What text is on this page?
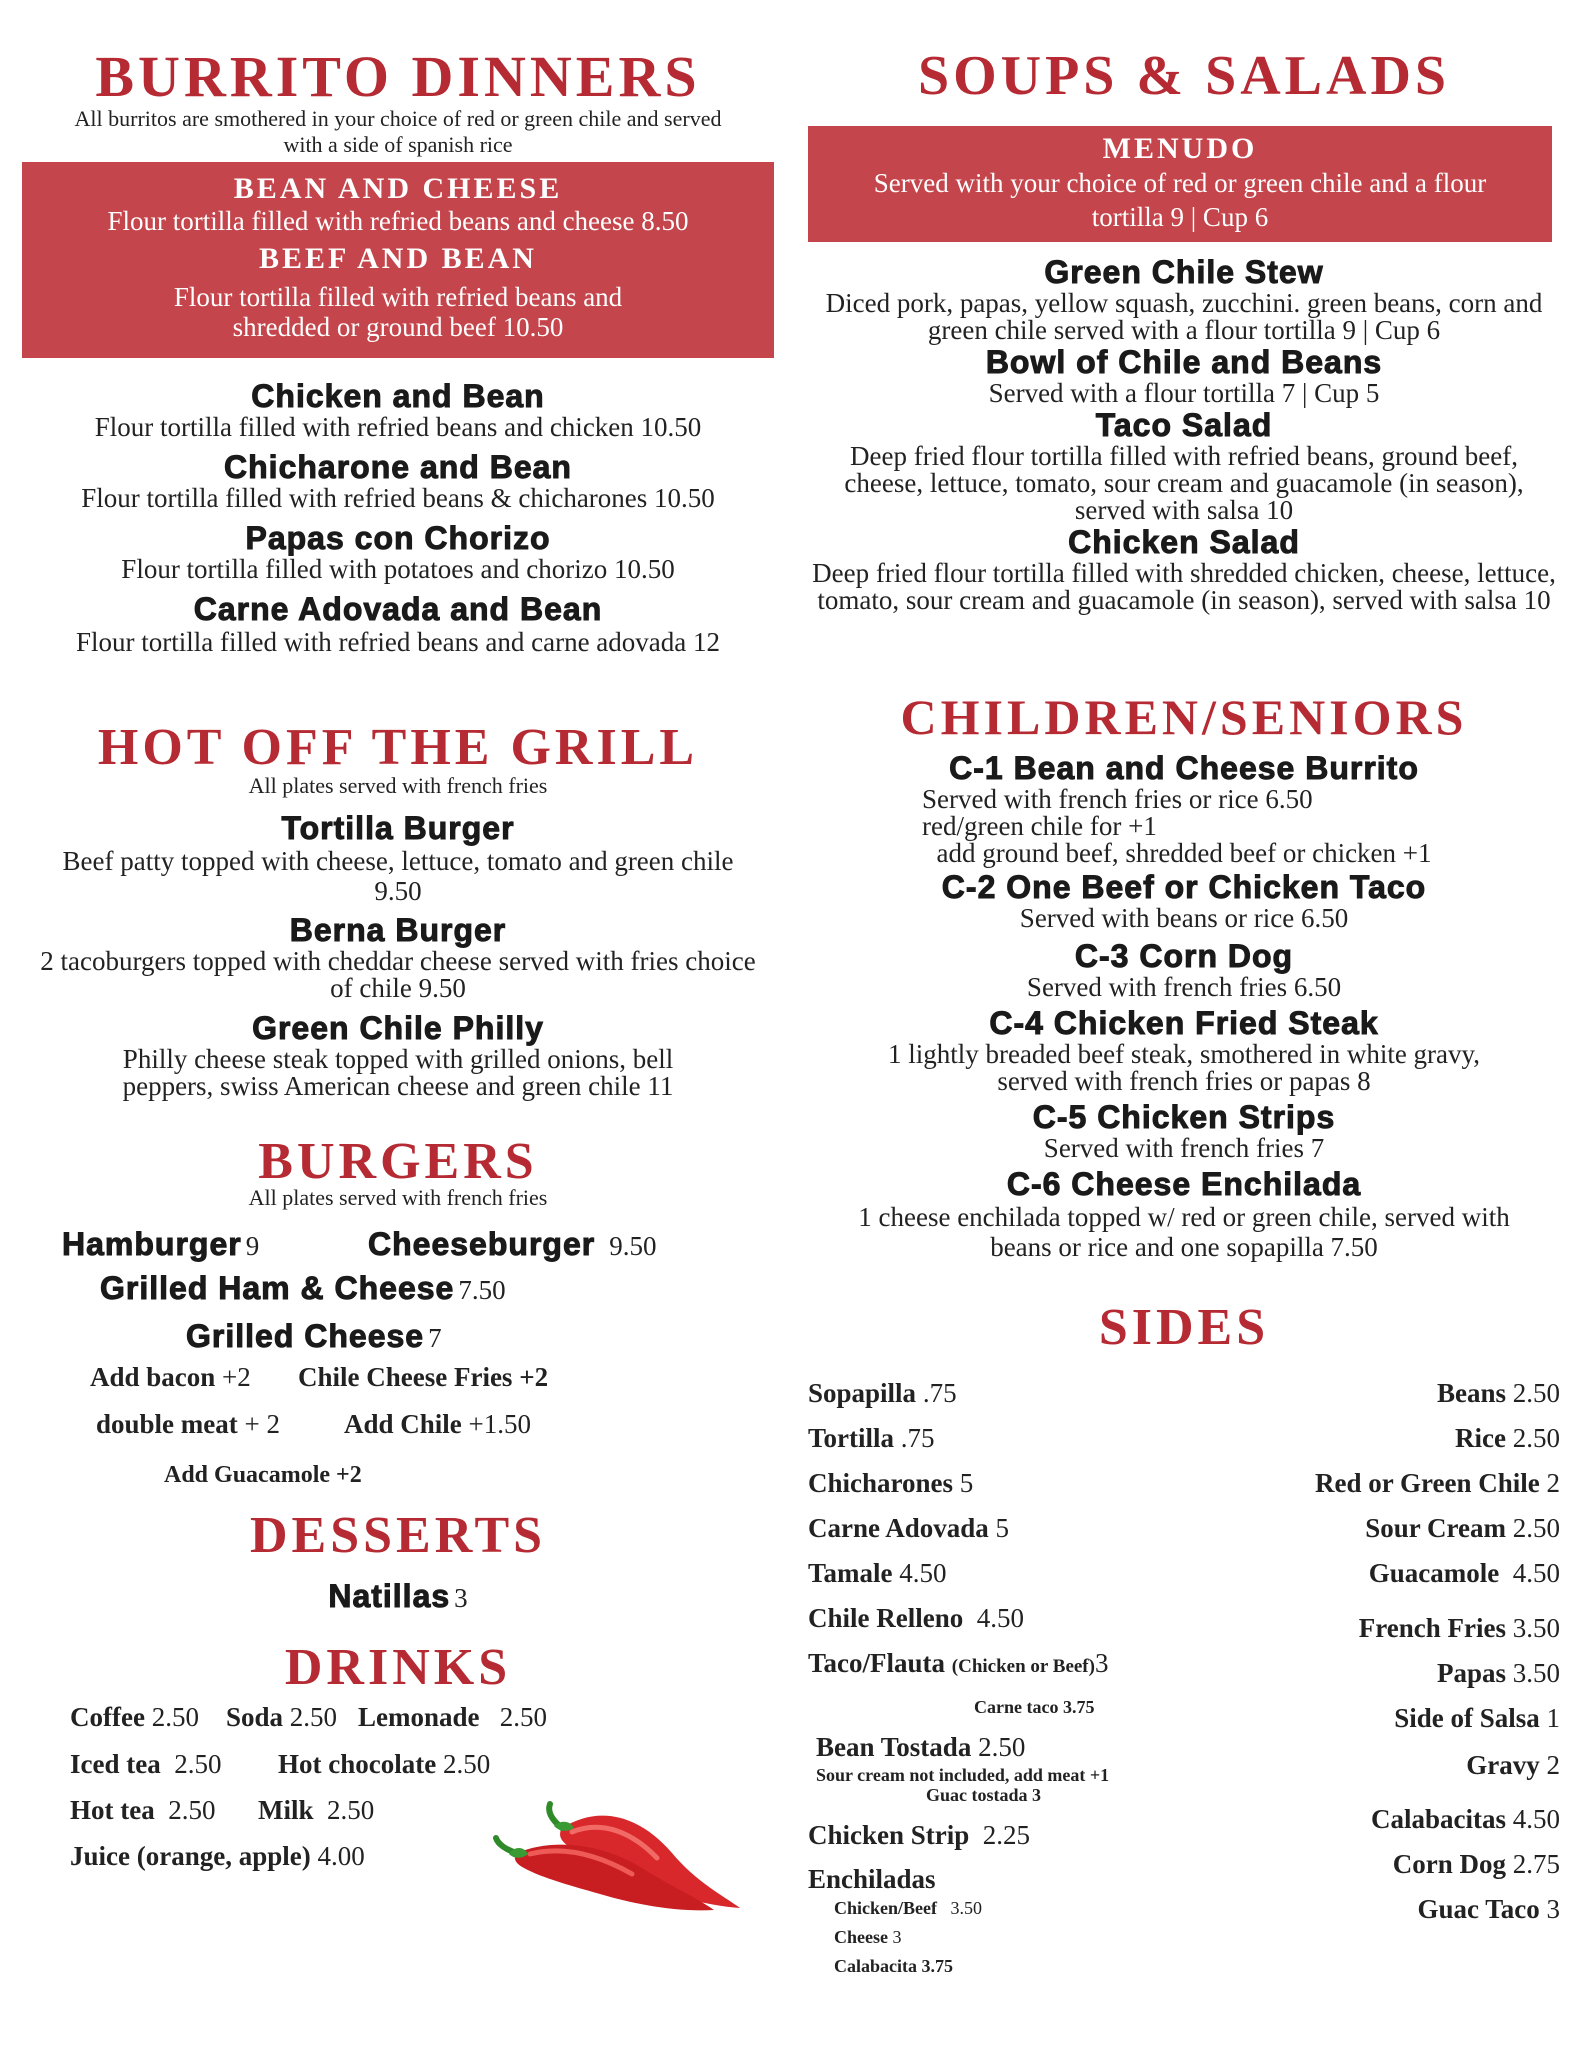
BURRITO DINNERS
All burritos are smothered in your choice of red or green chile and served with a side of spanish rice
BEAN AND CHEESE
Flour tortilla filled with refried beans and cheese 8.50
BEEF AND BEAN
Flour tortilla filled with refried beans and shredded or ground beef 10.50
Chicken and Bean
Flour tortilla filled with refried beans and chicken 10.50
Chicharone and Bean
Flour tortilla filled with refried beans & chicharones 10.50
Papas con Chorizo
Flour tortilla filled with potatoes and chorizo 10.50
Carne Adovada and Bean
Flour tortilla filled with refried beans and carne adovada 12
HOT OFF THE GRILL
All plates served with french fries
Tortilla Burger
Beef patty topped with cheese, lettuce, tomato and green chile 9.50
Berna Burger
2 tacoburgers topped with cheddar cheese served with fries choice of chile 9.50
Green Chile Philly
Philly cheese steak topped with grilled onions, bell peppers, swiss American cheese and green chile 11
BURGERS
All plates served with french fries
Hamburger 9	Cheeseburger 9.50
Grilled Ham & Cheese 7.50
Grilled Cheese 7
Add bacon +2 Chile Cheese Fries +2
double meat + 2 Add Chile +1.50
Add Guacamole +2
DESSERTS
Natillas 3
DRINKS
Coffee 2.50 Soda 2.50 Lemonade 2.50
Iced tea 2.50 Hot chocolate 2.50
Hot tea 2.50 Milk 2.50
Juice (orange, apple) 4.00
SOUPS & SALADS
MENUDO
Served with your choice of red or green chile and a flour tortilla 9 | Cup 6
Green Chile Stew
Diced pork, papas, yellow squash, zucchini. green beans, corn and green chile served with a flour tortilla 9 | Cup 6
Bowl of Chile and Beans
Served with a flour tortilla 7 | Cup 5
Taco Salad
Deep fried flour tortilla filled with refried beans, ground beef, cheese, lettuce, tomato, sour cream and guacamole (in season), served with salsa 10
Chicken Salad
Deep fried flour tortilla filled with shredded chicken, cheese, lettuce, tomato, sour cream and guacamole (in season), served with salsa 10
CHILDREN/SENIORS
C-1 Bean and Cheese Burrito
Served with french fries or rice 6.50
red/green chile for +1
add ground beef, shredded beef or chicken +1
C-2 One Beef or Chicken Taco
Served with beans or rice 6.50
C-3 Corn Dog
Served with french fries 6.50
C-4 Chicken Fried Steak
1 lightly breaded beef steak, smothered in white gravy, served with french fries or papas 8
C-5 Chicken Strips
Served with french fries 7
C-6 Cheese Enchilada
1 cheese enchilada topped w/ red or green chile, served with beans or rice and one sopapilla 7.50
SIDES
Sopapilla .75
Tortilla .75
Chicharones 5
Carne Adovada 5
Tamale 4.50
Chile Relleno 4.50
Taco/Flauta (Chicken or Beef)3
Carne taco 3.75
Bean Tostada 2.50
Sour cream not included, add meat +1
Guac tostada 3
Chicken Strip 2.25
Enchiladas
Chicken/Beef 3.50
Cheese 3
Calabacita 3.75
Beans 2.50
Rice 2.50
Red or Green Chile 2
Sour Cream 2.50
Guacamole 4.50
French Fries 3.50
Papas 3.50
Side of Salsa 1
Gravy 2
Calabacitas 4.50
Corn Dog 2.75
Guac Taco 3
